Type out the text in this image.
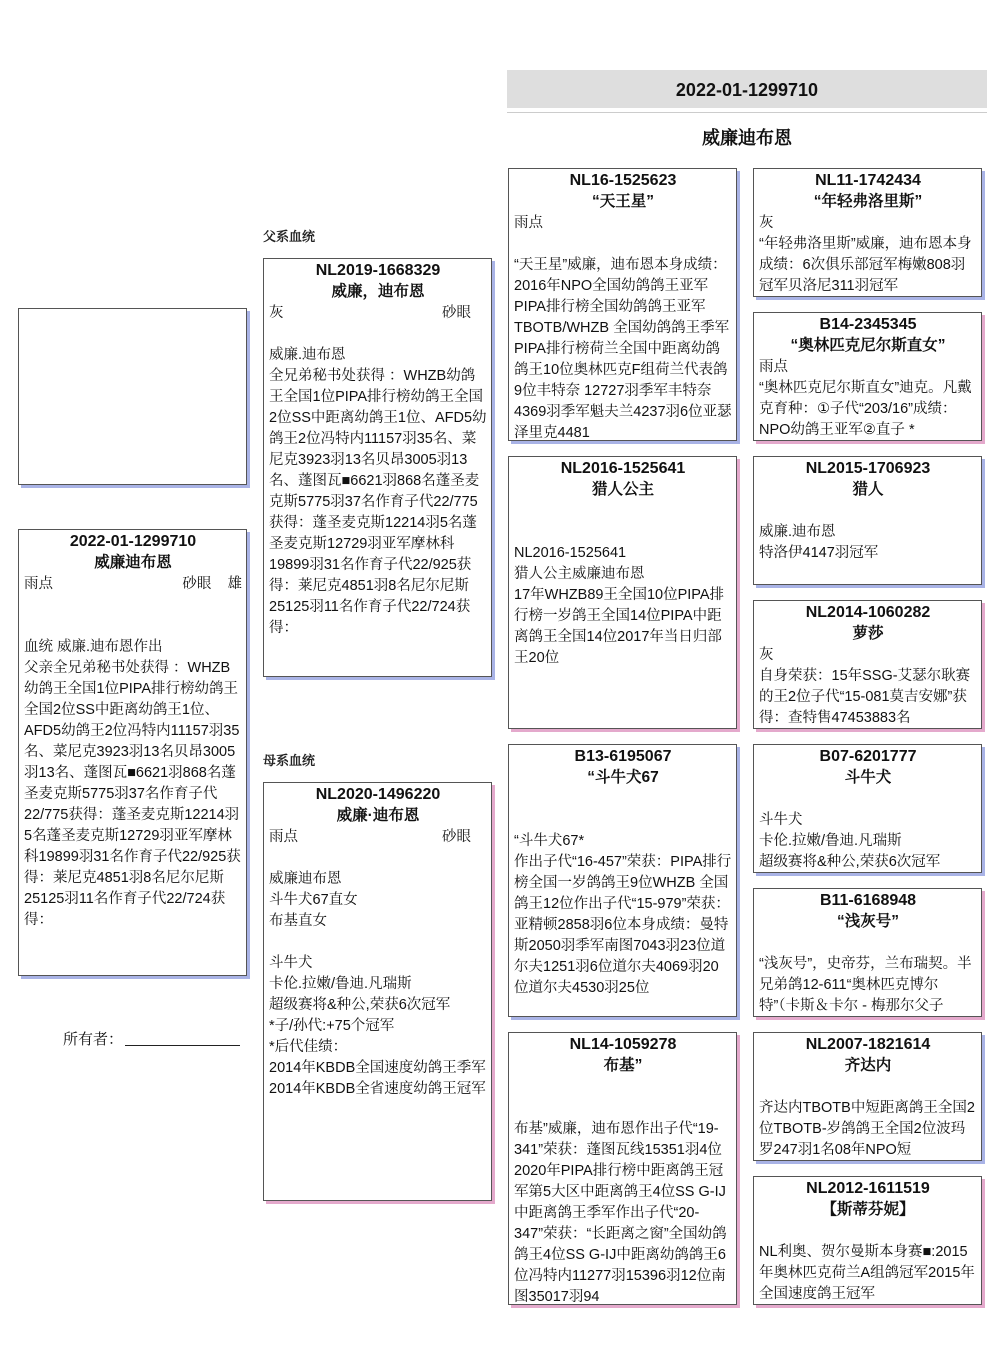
2022-01-1299710
威廉迪布恩
2022-01-1299710
威廉迪布恩
雨点	砂眼 雄
血统 威廉.迪布恩作出
父亲全兄弟秘书处获得 ：WHZB幼鸽王全国1位PIPA排行榜幼鸽王全国2位SS中距离幼鸽王1位、AFD5幼鸽王2位冯特内11157羽35名、菜尼克3923羽13名贝昂3005羽13名、蓬图瓦■6621羽868名蓬圣麦克斯5775羽37名作育子代22/775获得：蓬圣麦克斯12214羽5名蓬圣麦克斯12729羽亚军摩林科19899羽31名作育子代22/925获得：莱尼克4851羽8名尼尔尼斯25125羽11名作育子代22/724获得：
所有者：
父系血统
NL2019-1668329
威廉，迪布恩
灰	砂眼
威廉.迪布恩
全兄弟秘书处获得 ：WHZB幼鸽王全国1位PIPA排行榜幼鸽王全国2位SS中距离幼鸽王1位、AFD5幼鸽王2位冯特内11157羽35名、菜尼克3923羽13名贝昂3005羽13名、蓬图瓦■6621羽868名蓬圣麦克斯5775羽37名作育子代22/775获得：蓬圣麦克斯12214羽5名蓬圣麦克斯12729羽亚军摩林科19899羽31名作育子代22/925获得：莱尼克4851羽8名尼尔尼斯25125羽11名作育子代22/724获得：
母系血统
NL2020-1496220
威廉·迪布恩
雨点	砂眼
威廉迪布恩
斗牛犬67直女
布基直女

斗牛犬
卡伦.拉嫩/鲁迪.凡瑞斯
超级赛将&种公,荣获6次冠军
*子/孙代:+75个冠军
*后代佳绩：
2014年KBDB全国速度幼鸽王季军
2014年KBDB全省速度幼鸽王冠军
NL16-1525623
“天王星”
雨点
“天王星”威廉，迪布恩本身成绩：2016年NPO全国幼鸽鸽王亚军PIPA排行榜全国幼鸽鸽王亚军TBOTB/WHZB 全国幼鸽鸽王季军PIPA排行榜荷兰全国中距离幼鸽鸽王10位奥林匹克F组荷兰代表鸽9位丰特奈 12727羽季军丰特奈4369羽季军魁夫兰4237羽6位亚瑟泽里克4481
NL2016-1525641
猎人公主
NL2016-1525641
猎人公主威廉迪布恩
17年WHZB89王全国10位PIPA排行榜一岁鸽王全国14位PIPA中距离鸽王全国14位2017年当日归部王20位
B13-6195067
“斗牛犬67
“斗牛犬67*
作出子代“16-457”荣获：PIPA排行榜全国一岁鸽鸽王9位WHZB 全国鸽王12位作出子代“15-979”荣获：亚精顿2858羽6位本身成绩：曼特斯2050羽季军南图7043羽23位道尔夫1251羽6位道尔夫4069羽20位道尔夫4530羽25位
NL14-1059278
布基”
布基”威廉，迪布恩作出子代“19-341”荣获：蓬图瓦线15351羽4位2020年PIPA排行榜中距离鸽王冠军第5大区中距离鸽王4位SS G-IJ中距离鸽王季军作出子代“20-347”荣获：“长距离之窗”全国幼鸽鸽王4位SS G-IJ中距离幼鸽鸽王6位冯特内11277羽15396羽12位南图35017羽94
NL11-1742434
“年轻弗洛里斯”
灰
“年轻弗洛里斯”威廉，迪布恩本身成绩：6次俱乐部冠军梅嫩808羽冠军贝洛尼311羽冠军
B14-2345345
“奥林匹克尼尔斯直女”
雨点
“奥林匹克尼尔斯直女”迪克。凡戴克育种：①子代“203/16”成绩：NPO幼鸽王亚军②直子 *
NL2015-1706923
猎人
威廉.迪布恩
特洛伊4147羽冠军
NL2014-1060282
萝莎
灰
自身荣获：15年SSG-艾瑟尔耿赛的王2位子代“15-081莫吉安娜”获得：查特售47453883名
B07-6201777
斗牛犬
斗牛犬
卡伦.拉嫩/鲁迪.凡瑞斯
超级赛将&种公,荣获6次冠军
B11-6168948
“浅灰号”
“浅灰号”，史帝芬，兰布瑞契。半兄弟鸽12-611“奥林匹克博尔特”（卡斯＆卡尔 - 梅那尔父子
NL2007-1821614
齐达内
齐达内TBOTB中短距离鸽王全国2位TBOTB-岁鸽鸽王全国2位波玛罗247羽1名08年NPO短
NL2012-1611519
【斯蒂芬妮】
NL利奥、贺尔曼斯本身赛■:2015年奥林匹克荷兰A组鸽冠军2015年全国速度鸽王冠军
